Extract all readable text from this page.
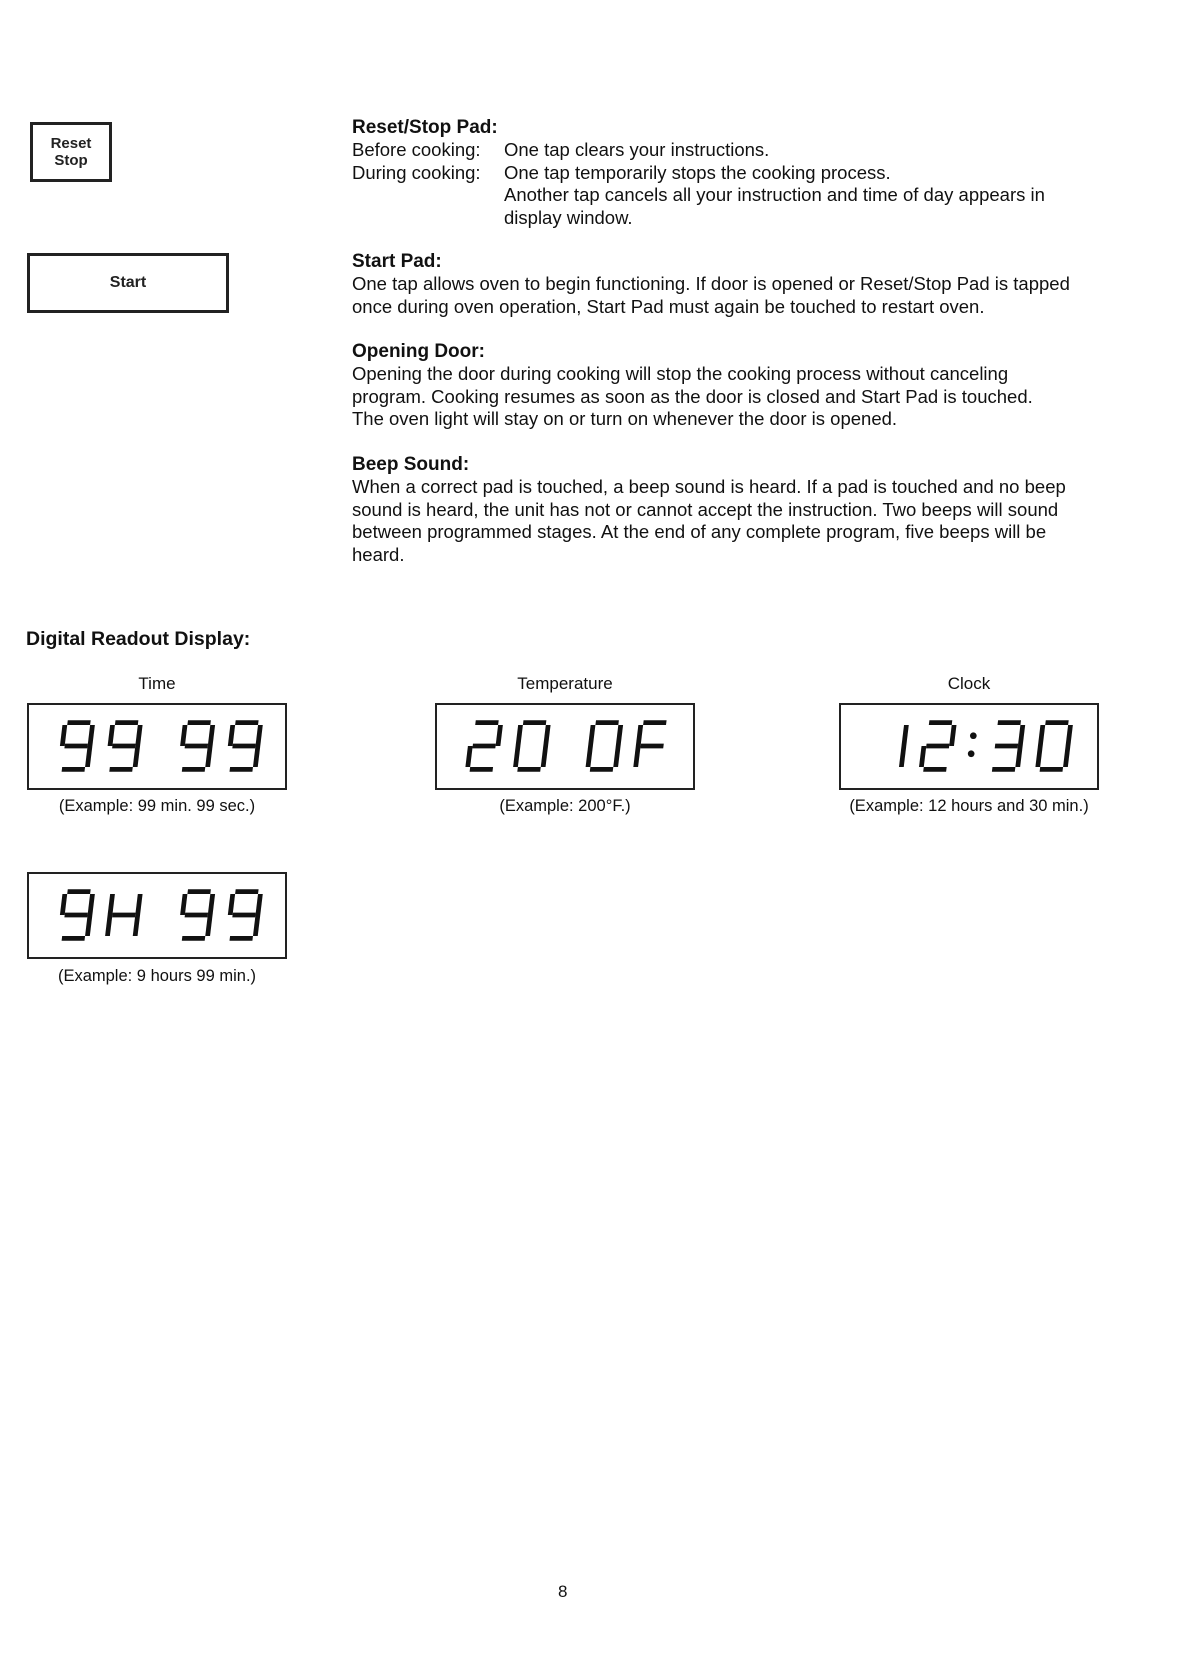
Reset
Stop
Start
Reset/Stop Pad:
Before cooking:	One tap clears your instructions.
During cooking:	One tap temporarily stops the cooking process.
Another tap cancels all your instruction and time of day appears in
display window.
Start Pad:

One tap allows oven to begin functioning. If door is opened or Reset/Stop Pad is tapped

once during oven operation, Start Pad must again be touched to restart oven.

Opening Door:

Opening the door during cooking will stop the cooking process without canceling

program. Cooking resumes as soon as the door is closed and Start Pad is touched.

The oven light will stay on or turn on whenever the door is opened.

Beep Sound:

When a correct pad is touched, a beep sound is heard. If a pad is touched and no beep

sound is heard, the unit has not or cannot accept the instruction. Two beeps will sound

between programmed stages. At the end of any complete program, five beeps will be

heard.

Digital Readout Display:
Time
(Example: 99 min. 99 sec.)
Temperature
(Example: 200°F.)
Clock
(Example: 12 hours and 30 min.)
(Example: 9 hours 99 min.)
8
